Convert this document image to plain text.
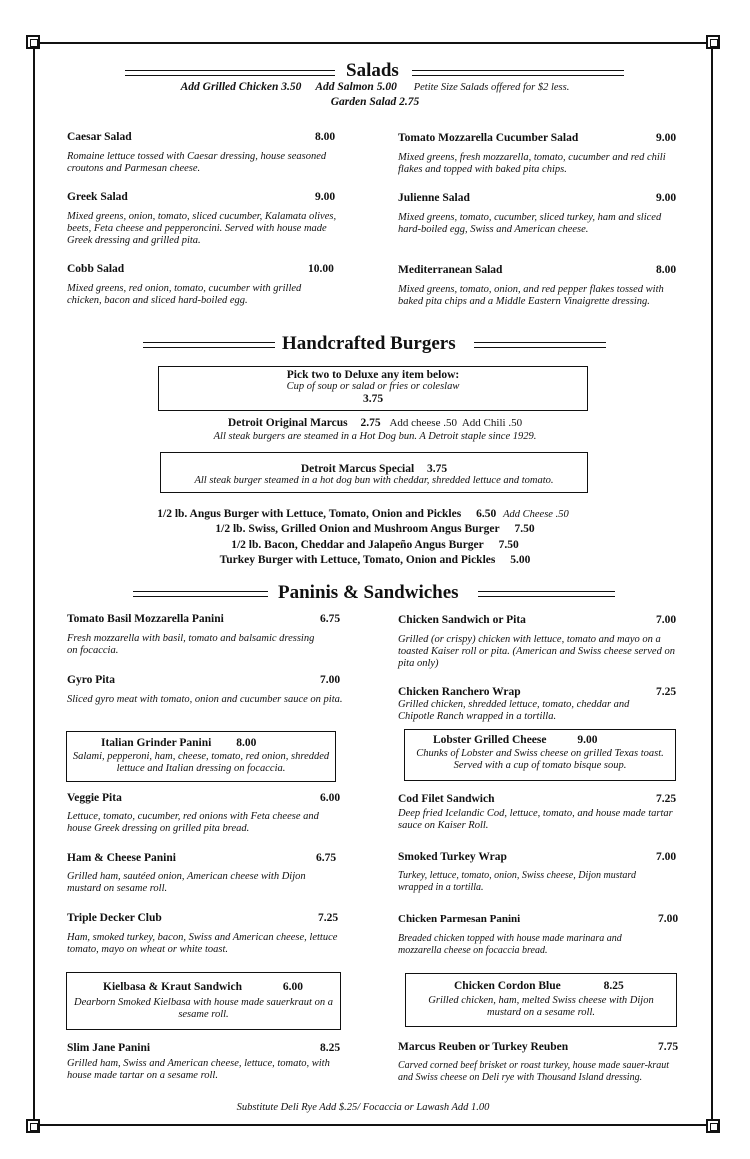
Salads
Add Grilled Chicken 3.50     Add Salmon 5.00 Petite Size Salads offered for $2 less.
Garden Salad 2.75
Caesar Salad	8.00
Romaine lettuce tossed with Caesar dressing, house seasoned croutons and Parmesan cheese.
Greek Salad	9.00
Mixed greens, onion, tomato, sliced cucumber, Kalamata olives, beets, Feta cheese and pepperoncini. Served with house made Greek dressing and grilled pita.
Cobb Salad	10.00
Mixed greens, red onion, tomato, cucumber with grilled chicken, bacon and sliced hard-boiled egg.
Tomato Mozzarella Cucumber Salad	9.00
Mixed greens, fresh mozzarella, tomato, cucumber and red chili flakes and topped with baked pita chips.
Julienne Salad	9.00
Mixed greens, tomato, cucumber, sliced turkey, ham and sliced hard-boiled egg, Swiss and American cheese.
Mediterranean Salad	8.00
Mixed greens, tomato, onion, and red pepper flakes tossed with baked pita chips and a Middle Eastern Vinaigrette dressing.
Handcrafted Burgers
Pick two to Deluxe any item below:
Cup of soup or salad or fries or coleslaw
3.75
Detroit Original Marcus 2.75 Add cheese .50  Add Chili .50
All steak burgers are steamed in a Hot Dog bun. A Detroit staple since 1929.
Detroit Marcus Special 3.75
All steak burger steamed in a hot dog bun with cheddar, shredded lettuce and tomato.
1/2 lb. Angus Burger with Lettuce, Tomato, Onion and Pickles 6.50 Add Cheese .50
1/2 lb. Swiss, Grilled Onion and Mushroom Angus Burger 7.50
1/2 lb. Bacon, Cheddar and Jalapeño Angus Burger 7.50
Turkey Burger with Lettuce, Tomato, Onion and Pickles 5.00
Paninis & Sandwiches
Tomato Basil Mozzarella Panini	6.75
Fresh mozzarella with basil, tomato and balsamic dressing on focaccia.
Gyro Pita	7.00
Sliced gyro meat with tomato, onion and cucumber sauce on pita.
Italian Grinder Panini 8.00
Salami, pepperoni, ham, cheese, tomato, red onion, shredded lettuce and Italian dressing on focaccia.
Veggie Pita	6.00
Lettuce, tomato, cucumber, red onions with Feta cheese and house Greek dressing on grilled pita bread.
Ham & Cheese Panini	6.75
Grilled ham, sautéed onion, American cheese with Dijon mustard on sesame roll.
Triple Decker Club	7.25
Ham, smoked turkey, bacon, Swiss and American cheese, lettuce tomato, mayo on wheat or white toast.
Kielbasa & Kraut Sandwich	6.00
Dearborn Smoked Kielbasa with house made sauerkraut on a sesame roll.
Slim Jane Panini	8.25
Grilled ham, Swiss and American cheese, lettuce, tomato, with house made tartar on a sesame roll.
Chicken Sandwich or Pita	7.00
Grilled (or crispy) chicken with lettuce, tomato and mayo on a toasted Kaiser roll or pita. (American and Swiss cheese served on pita only)
Chicken Ranchero Wrap	7.25
Grilled chicken, shredded lettuce, tomato, cheddar and Chipotle Ranch wrapped in a tortilla.
Lobster Grilled Cheese	9.00
Chunks of Lobster and Swiss cheese on grilled Texas toast. Served with a cup of tomato bisque soup.
Cod Filet Sandwich	7.25
Deep fried Icelandic Cod, lettuce, tomato, and house made tartar sauce on Kaiser Roll.
Smoked Turkey Wrap	7.00
Turkey, lettuce, tomato, onion, Swiss cheese, Dijon mustard wrapped in a tortilla.
Chicken Parmesan Panini	7.00
Breaded chicken topped with house made marinara and mozzarella cheese on focaccia bread.
Chicken Cordon Blue	8.25
Grilled chicken, ham, melted Swiss cheese with Dijon mustard on a sesame roll.
Marcus Reuben or Turkey Reuben	7.75
Carved corned beef brisket or roast turkey, house made sauer-kraut and Swiss cheese on Deli rye with Thousand Island dressing.
Substitute Deli Rye Add $.25/ Focaccia or Lawash Add 1.00
